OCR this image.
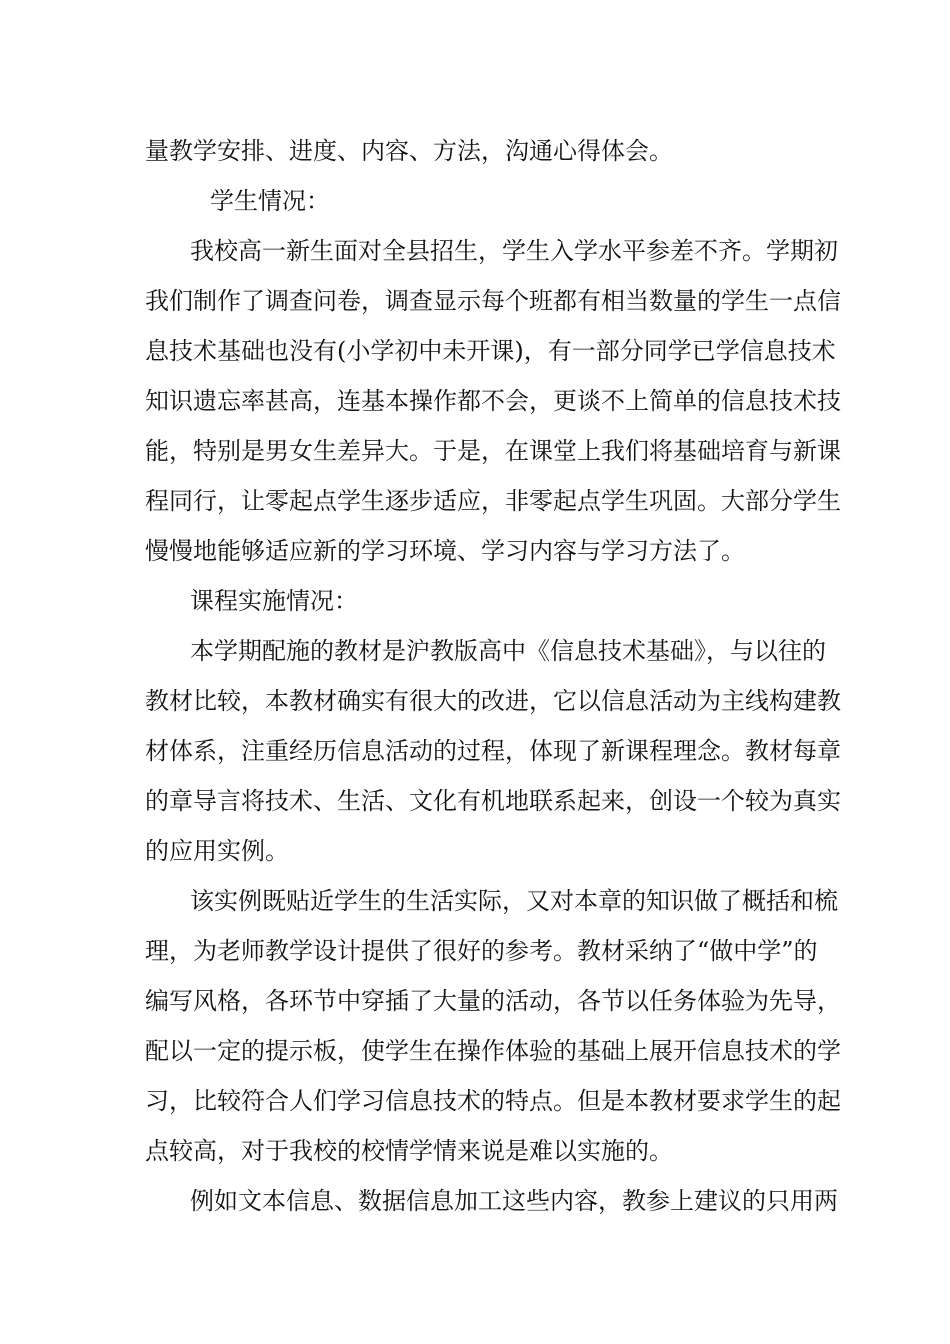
量教学安排、进度、内容、方法，沟通心得体会。
学生情况：
我校高一新生面对全县招生，学生入学水平参差不齐。学期初
我们制作了调查问卷，调查显示每个班都有相当数量的学生一点信
息技术基础也没有(小学初中未开课)，有一部分同学已学信息技术
知识遗忘率甚高，连基本操作都不会，更谈不上简单的信息技术技
能，特别是男女生差异大。于是，在课堂上我们将基础培育与新课
程同行，让零起点学生逐步适应，非零起点学生巩固。大部分学生
慢慢地能够适应新的学习环境、学习内容与学习方法了。
课程实施情况：
本学期配施的教材是沪教版高中《信息技术基础》，与以往的
教材比较，本教材确实有很大的改进，它以信息活动为主线构建教
材体系，注重经历信息活动的过程，体现了新课程理念。教材每章
的章导言将技术、生活、文化有机地联系起来，创设一个较为真实
的应用实例。
该实例既贴近学生的生活实际，又对本章的知识做了概括和梳
理，为老师教学设计提供了很好的参考。教材采纳了“做中学”的
编写风格，各环节中穿插了大量的活动，各节以任务体验为先导，
配以一定的提示板，使学生在操作体验的基础上展开信息技术的学
习，比较符合人们学习信息技术的特点。但是本教材要求学生的起
点较高，对于我校的校情学情来说是难以实施的。
例如文本信息、数据信息加工这些内容，教参上建议的只用两
